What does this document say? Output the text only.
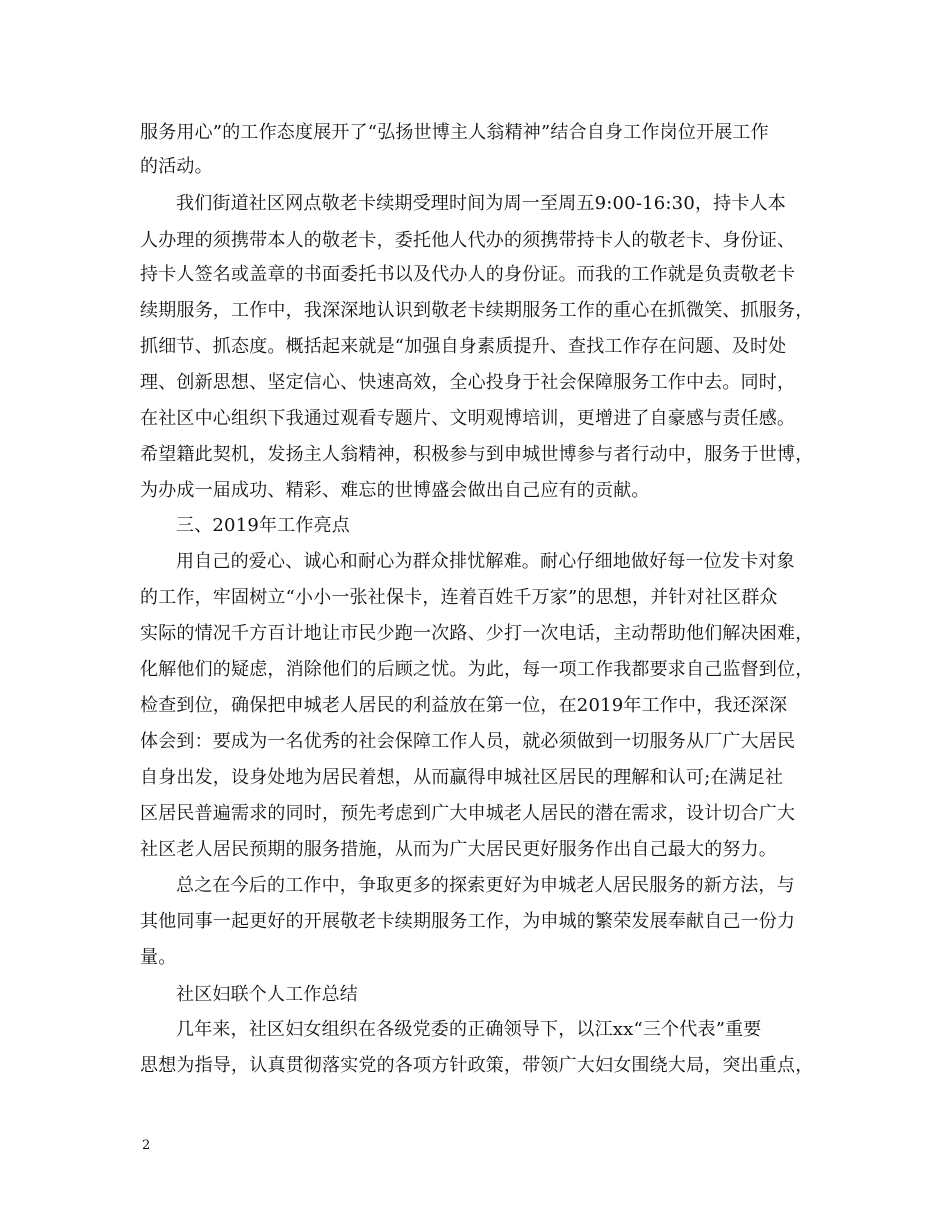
服务用心”的工作态度展开了“弘扬世博主人翁精神”结合自身工作岗位开展工作
的活动。
我们街道社区网点敬老卡续期受理时间为周一至周五9:00-16:30，持卡人本
人办理的须携带本人的敬老卡，委托他人代办的须携带持卡人的敬老卡、身份证、
持卡人签名或盖章的书面委托书以及代办人的身份证。而我的工作就是负责敬老卡
续期服务，工作中，我深深地认识到敬老卡续期服务工作的重心在抓微笑、抓服务，
抓细节、抓态度。概括起来就是“加强自身素质提升、查找工作存在问题、及时处
理、创新思想、坚定信心、快速高效，全心投身于社会保障服务工作中去。同时，
在社区中心组织下我通过观看专题片、文明观博培训，更增进了自豪感与责任感。
希望籍此契机，发扬主人翁精神，积极参与到申城世博参与者行动中，服务于世博，
为办成一届成功、精彩、难忘的世博盛会做出自己应有的贡献。
三、2019年工作亮点
用自己的爱心、诚心和耐心为群众排忧解难。耐心仔细地做好每一位发卡对象
的工作，牢固树立“小小一张社保卡，连着百姓千万家”的思想，并针对社区群众
实际的情况千方百计地让市民少跑一次路、少打一次电话，主动帮助他们解决困难，
化解他们的疑虑，消除他们的后顾之忧。为此，每一项工作我都要求自己监督到位，
检查到位，确保把申城老人居民的利益放在第一位，在2019年工作中，我还深深
体会到：要成为一名优秀的社会保障工作人员，就必须做到一切服务从厂广大居民
自身出发，设身处地为居民着想，从而赢得申城社区居民的理解和认可;在满足社
区居民普遍需求的同时，预先考虑到广大申城老人居民的潜在需求，设计切合广大
社区老人居民预期的服务措施，从而为广大居民更好服务作出自己最大的努力。
总之在今后的工作中，争取更多的探索更好为申城老人居民服务的新方法，与
其他同事一起更好的开展敬老卡续期服务工作，为申城的繁荣发展奉献自己一份力
量。
社区妇联个人工作总结
几年来，社区妇女组织在各级党委的正确领导下，以江xx“三个代表”重要
思想为指导，认真贯彻落实党的各项方针政策，带领广大妇女围绕大局，突出重点，
2
